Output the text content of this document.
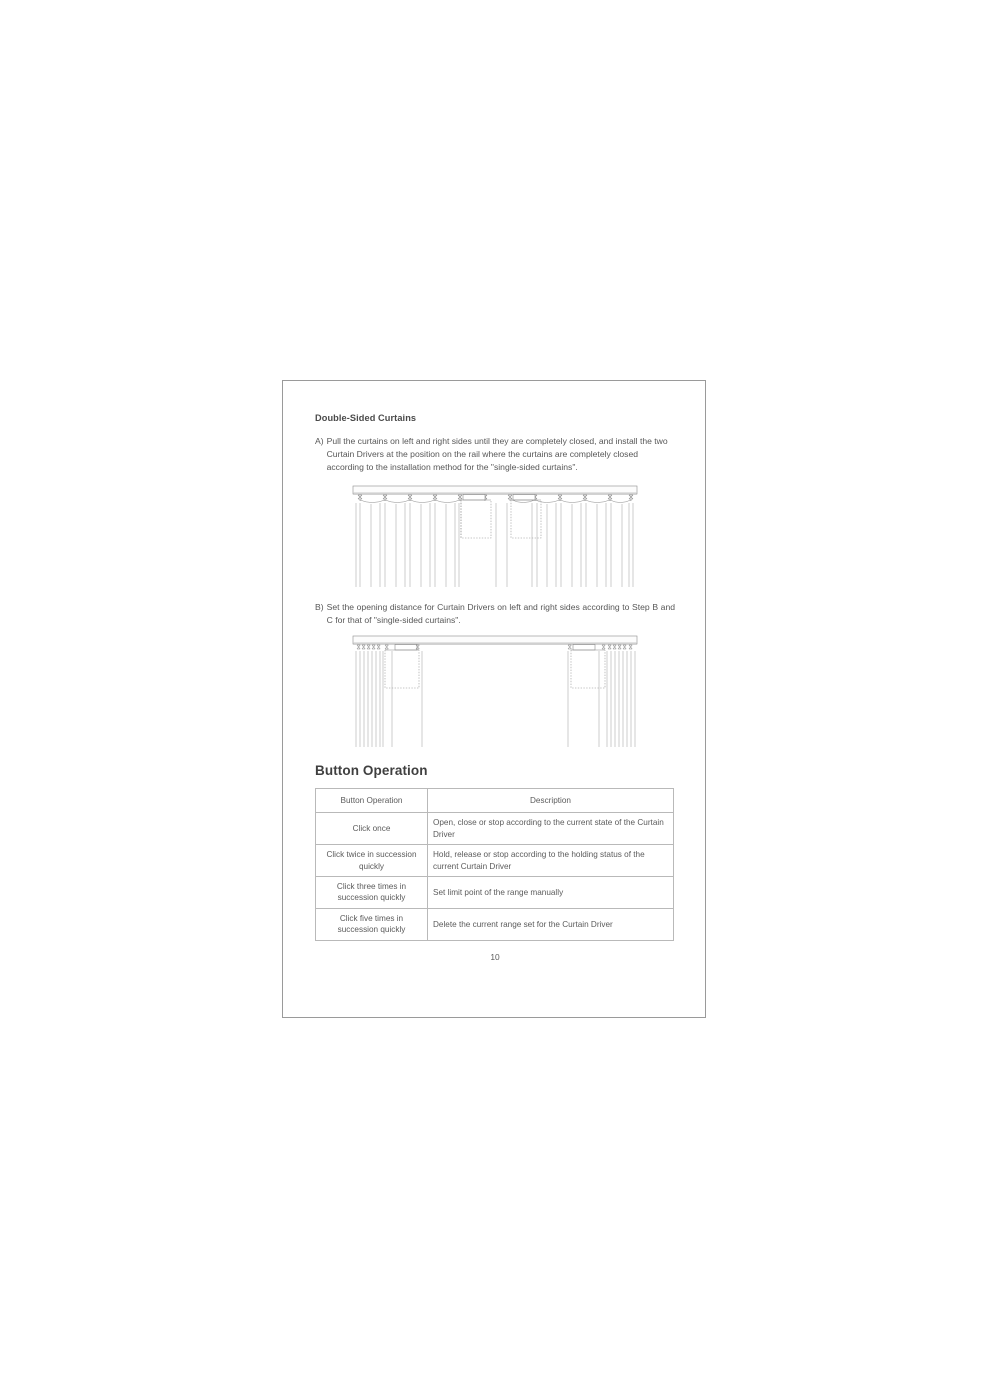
Double-Sided Curtains
A) Pull the curtains on left and right sides until they are completely closed, and install the two Curtain Drivers at the position on the rail where the curtains are completely closed according to the installation method for the "single-sided curtains".
B) Set the opening distance for Curtain Drivers on left and right sides according to Step B and C for that of "single-sided curtains".
Button Operation
Button Operation	Description
Click once	Open, close or stop according to the current state of the Curtain Driver
Click twice in succession quickly	Hold, release or stop according to the holding status of the current Curtain Driver
Click three times in succession quickly	Set limit point of the range manually
Click five times in succession quickly	Delete the current range set for the Curtain Driver
10
